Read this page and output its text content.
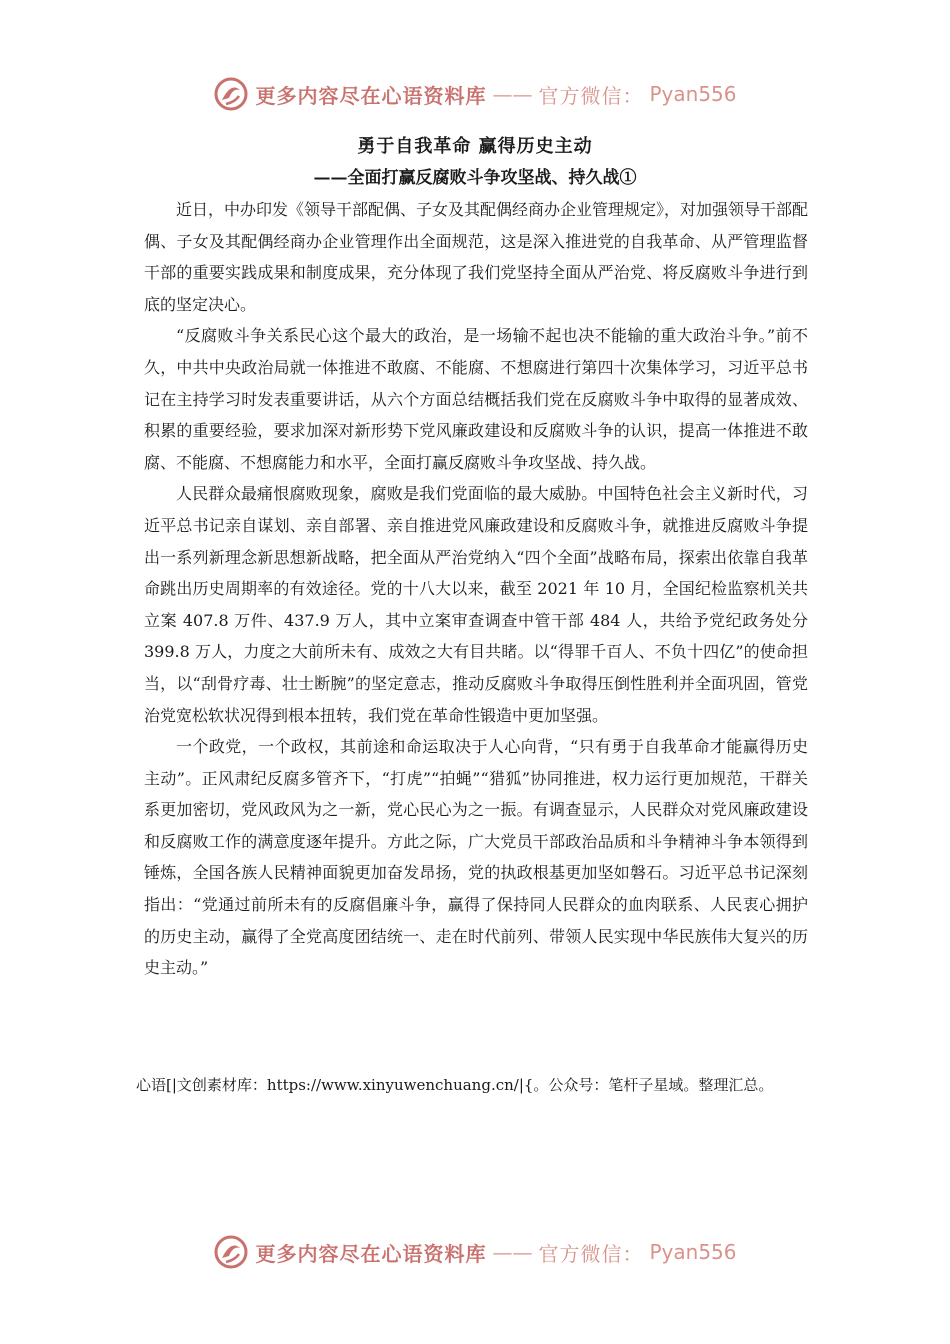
更多内容尽在心语资料库 —— 官方微信： Pyan556
勇于自我革命 赢得历史主动
——全面打赢反腐败斗争攻坚战、持久战①

近日，中办印发《领导干部配偶、子女及其配偶经商办企业管理规定》，对加强领导干部配偶、子女及其配偶经商办企业管理作出全面规范，这是深入推进党的自我革命、从严管理监督干部的重要实践成果和制度成果，充分体现了我们党坚持全面从严治党、将反腐败斗争进行到底的坚定决心。

“反腐败斗争关系民心这个最大的政治，是一场输不起也决不能输的重大政治斗争。”前不久，中共中央政治局就一体推进不敢腐、不能腐、不想腐进行第四十次集体学习，习近平总书记在主持学习时发表重要讲话，从六个方面总结概括我们党在反腐败斗争中取得的显著成效、积累的重要经验，要求加深对新形势下党风廉政建设和反腐败斗争的认识，提高一体推进不敢腐、不能腐、不想腐能力和水平，全面打赢反腐败斗争攻坚战、持久战。

人民群众最痛恨腐败现象，腐败是我们党面临的最大威胁。中国特色社会主义新时代，习近平总书记亲自谋划、亲自部署、亲自推进党风廉政建设和反腐败斗争，就推进反腐败斗争提出一系列新理念新思想新战略，把全面从严治党纳入“四个全面”战略布局，探索出依靠自我革命跳出历史周期率的有效途径。党的十八大以来，截至 2021 年 10 月，全国纪检监察机关共立案 407.8 万件、437.9 万人，其中立案审查调查中管干部 484 人，共给予党纪政务处分 399.8 万人，力度之大前所未有、成效之大有目共睹。以“得罪千百人、不负十四亿”的使命担当，以“刮骨疗毒、壮士断腕”的坚定意志，推动反腐败斗争取得压倒性胜利并全面巩固，管党治党宽松软状况得到根本扭转，我们党在革命性锻造中更加坚强。

一个政党，一个政权，其前途和命运取决于人心向背，“只有勇于自我革命才能赢得历史主动”。正风肃纪反腐多管齐下，“打虎”“拍蝇”“猎狐”协同推进，权力运行更加规范，干群关系更加密切，党风政风为之一新，党心民心为之一振。有调查显示，人民群众对党风廉政建设和反腐败工作的满意度逐年提升。方此之际，广大党员干部政治品质和斗争精神斗争本领得到锤炼，全国各族人民精神面貌更加奋发昂扬，党的执政根基更加坚如磐石。习近平总书记深刻指出：“党通过前所未有的反腐倡廉斗争，赢得了保持同人民群众的血肉联系、人民衷心拥护的历史主动，赢得了全党高度团结统一、走在时代前列、带领人民实现中华民族伟大复兴的历史主动。”

心语[|文创素材库：https://www.xinyuwenchuang.cn/|{。公众号：笔杆子星域。整理汇总。
更多内容尽在心语资料库 —— 官方微信： Pyan556
